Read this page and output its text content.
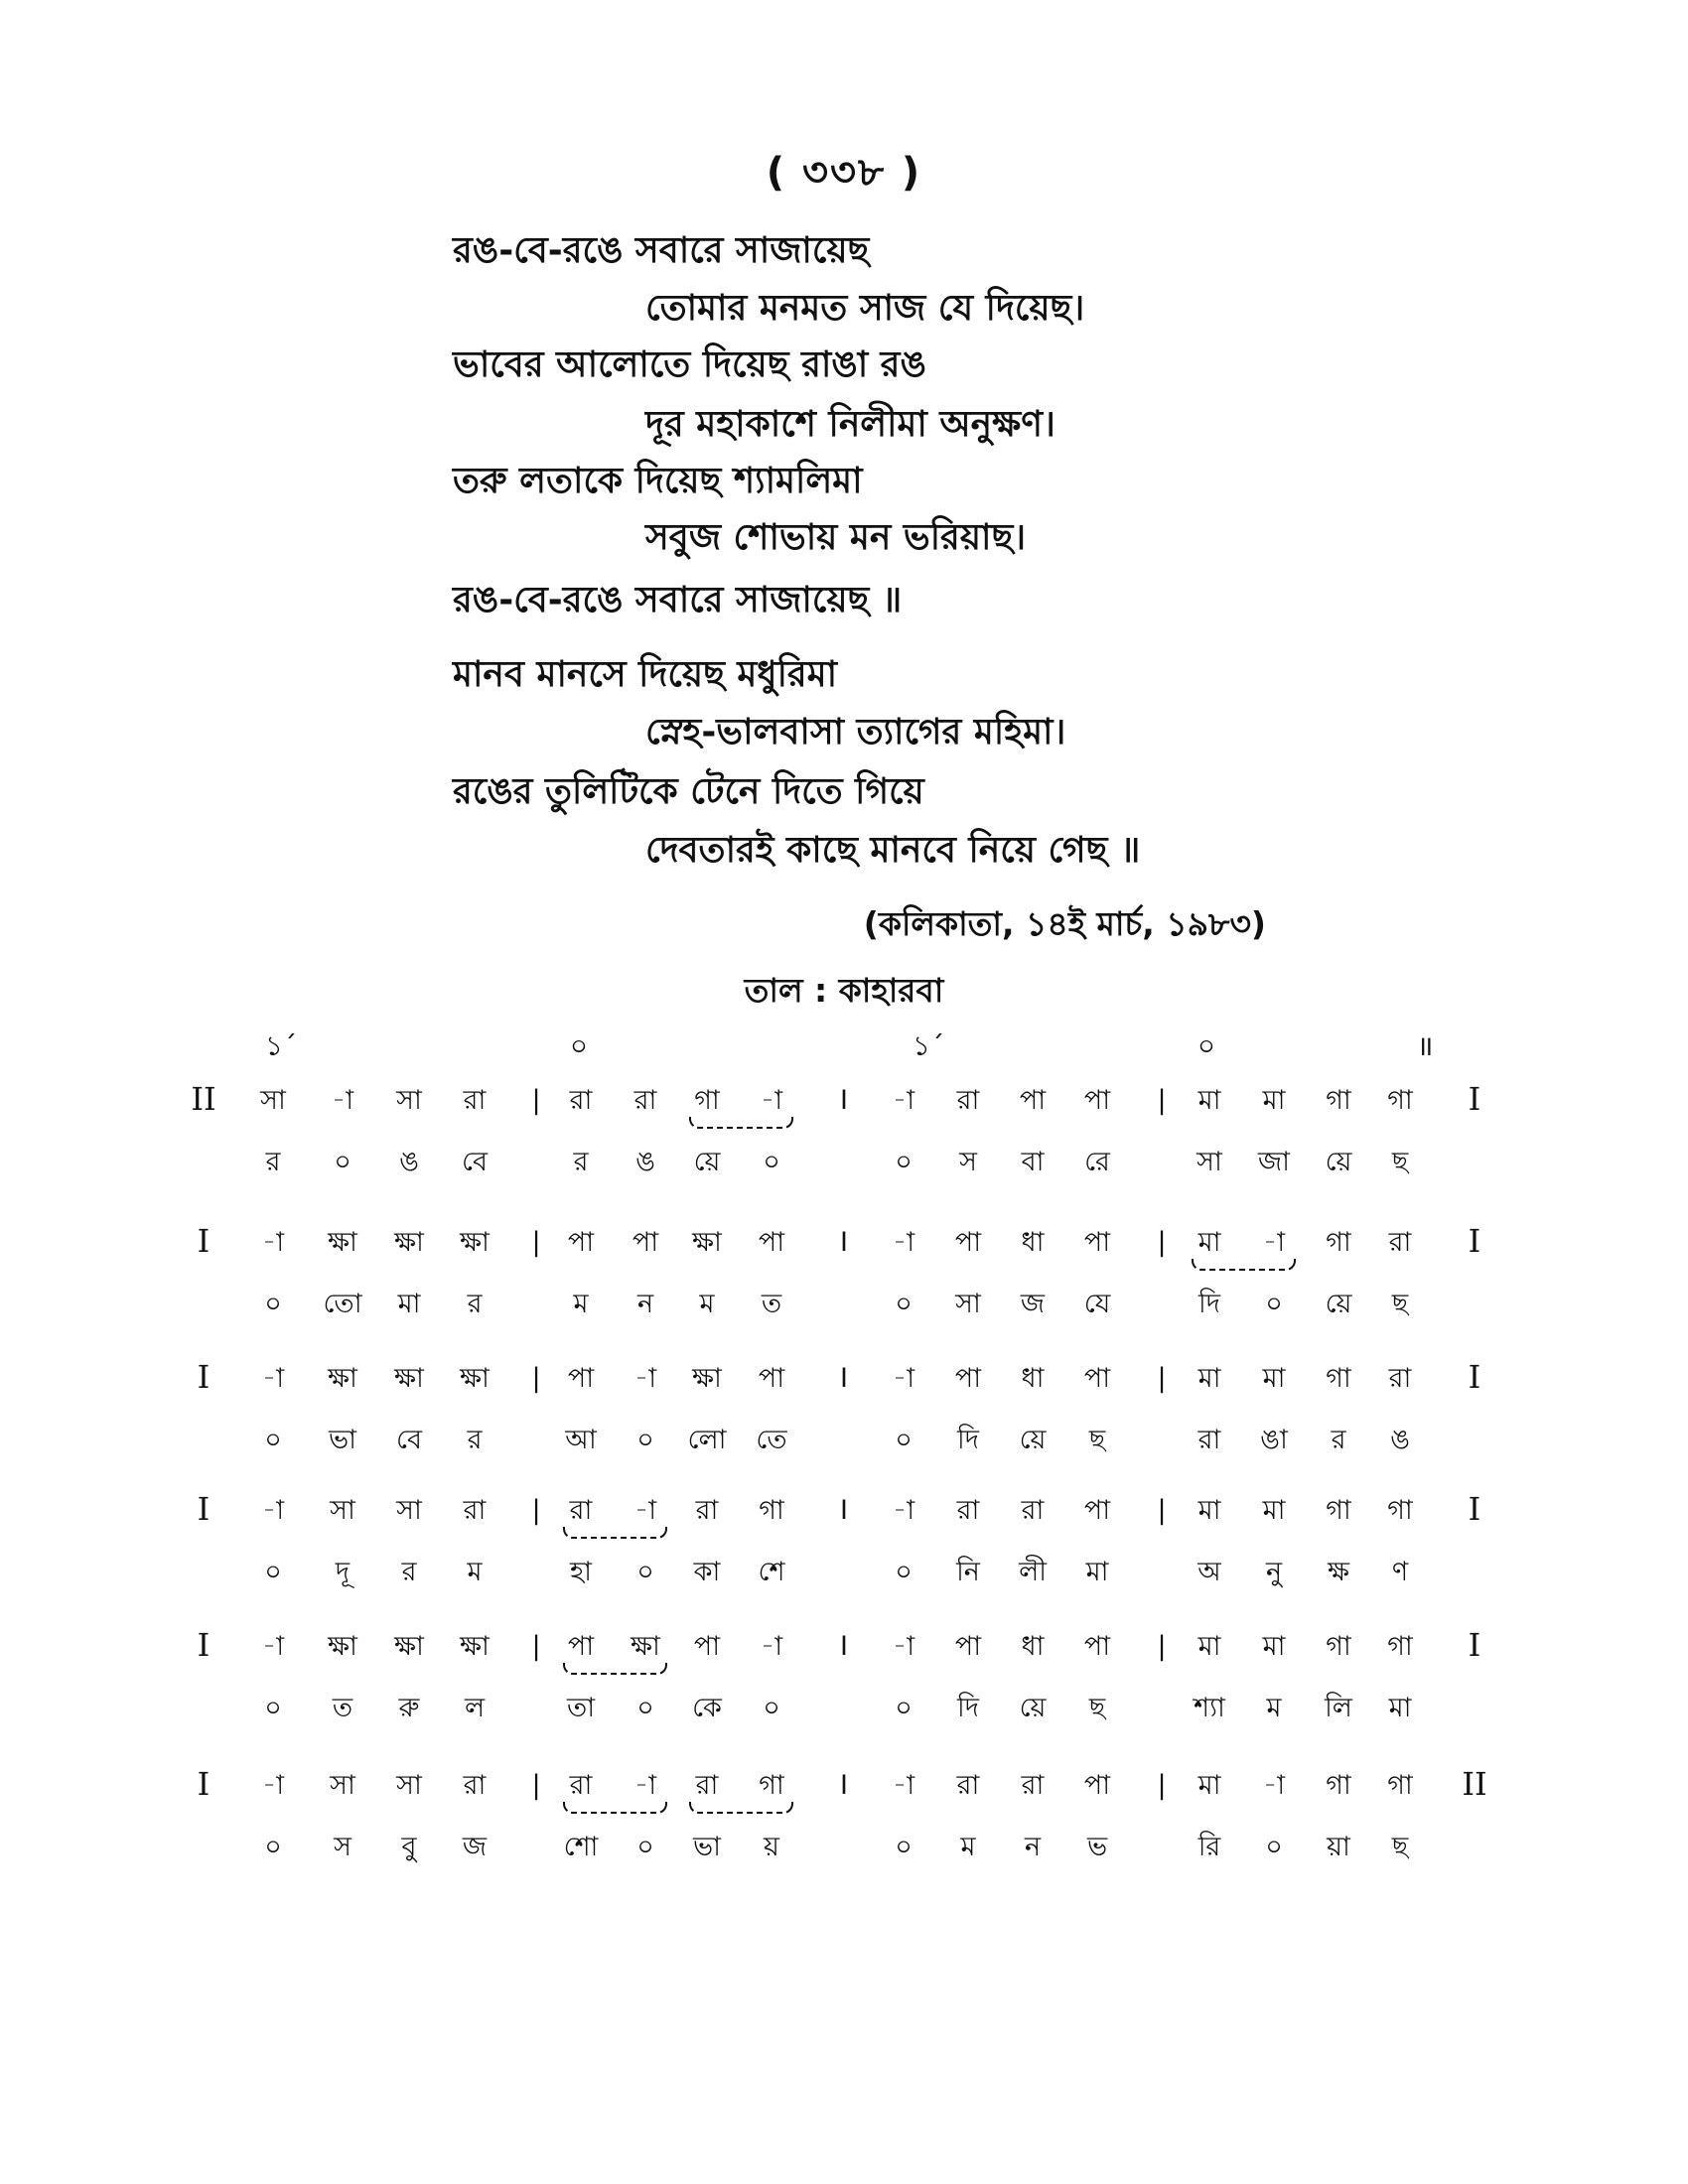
( ৩৩৮ )
রঙ-বে-রঙে সবারে সাজায়েছ
তোমার মনমত সাজ যে দিয়েছ।
ভাবের আলোতে দিয়েছ রাঙা রঙ
দূর মহাকাশে নিলীমা অনুক্ষণ।
তরু লতাকে দিয়েছ শ্যামলিমা
সবুজ শোভায় মন ভরিয়াছ।
রঙ-বে-রঙে সবারে সাজায়েছ ॥
মানব মানসে দিয়েছ মধুরিমা
স্নেহ-ভালবাসা ত্যাগের মহিমা।
রঙের তুলিটিকে টেনে দিতে গিয়ে
দেবতারই কাছে মানবে নিয়ে গেছ ॥
(কলিকাতা, ১৪ই মার্চ, ১৯৮৩)
তাল : কাহারবা
১´	০	১´	০	॥
II	I
সা -া সা রা | রা রা গা -া I -া রা পা পা | মা মা গা গা
র ০ ঙ বে	র ঙ য়ে ০	০ স বা রে	সা জা য়ে ছ
I	I
-া ক্ষা ক্ষা ক্ষা | পা পা ক্ষা পা I -া পা ধা পা | মা -া গা রা
০ তো মা র	ম ন ম ত	০ সা জ যে	দি ০ য়ে ছ
I	I
-া ক্ষা ক্ষা ক্ষা | পা -া ক্ষা পা I -া পা ধা পা | মা মা গা রা
০ ভা বে র	আ ০ লো তে	০ দি য়ে ছ	রা ঙা র ঙ
I	I
-া সা সা রা | রা -া রা গা I -া রা রা পা | মা মা গা গা
০ দূ র ম	হা ০ কা শে	০ নি লী মা	অ নু ক্ষ ণ
I	I
-া ক্ষা ক্ষা ক্ষা | পা ক্ষা পা -া I -া পা ধা পা | মা মা গা গা
০ ত রু ল	তা ০ কে ০	০ দি য়ে ছ	শ্যা ম লি মা
I	II
-া সা সা রা | রা -া রা গা I -া রা রা পা | মা -া গা গা
০ স বু জ	শো ০ ভা য়	০ ম ন ভ	রি ০ য়া ছ
